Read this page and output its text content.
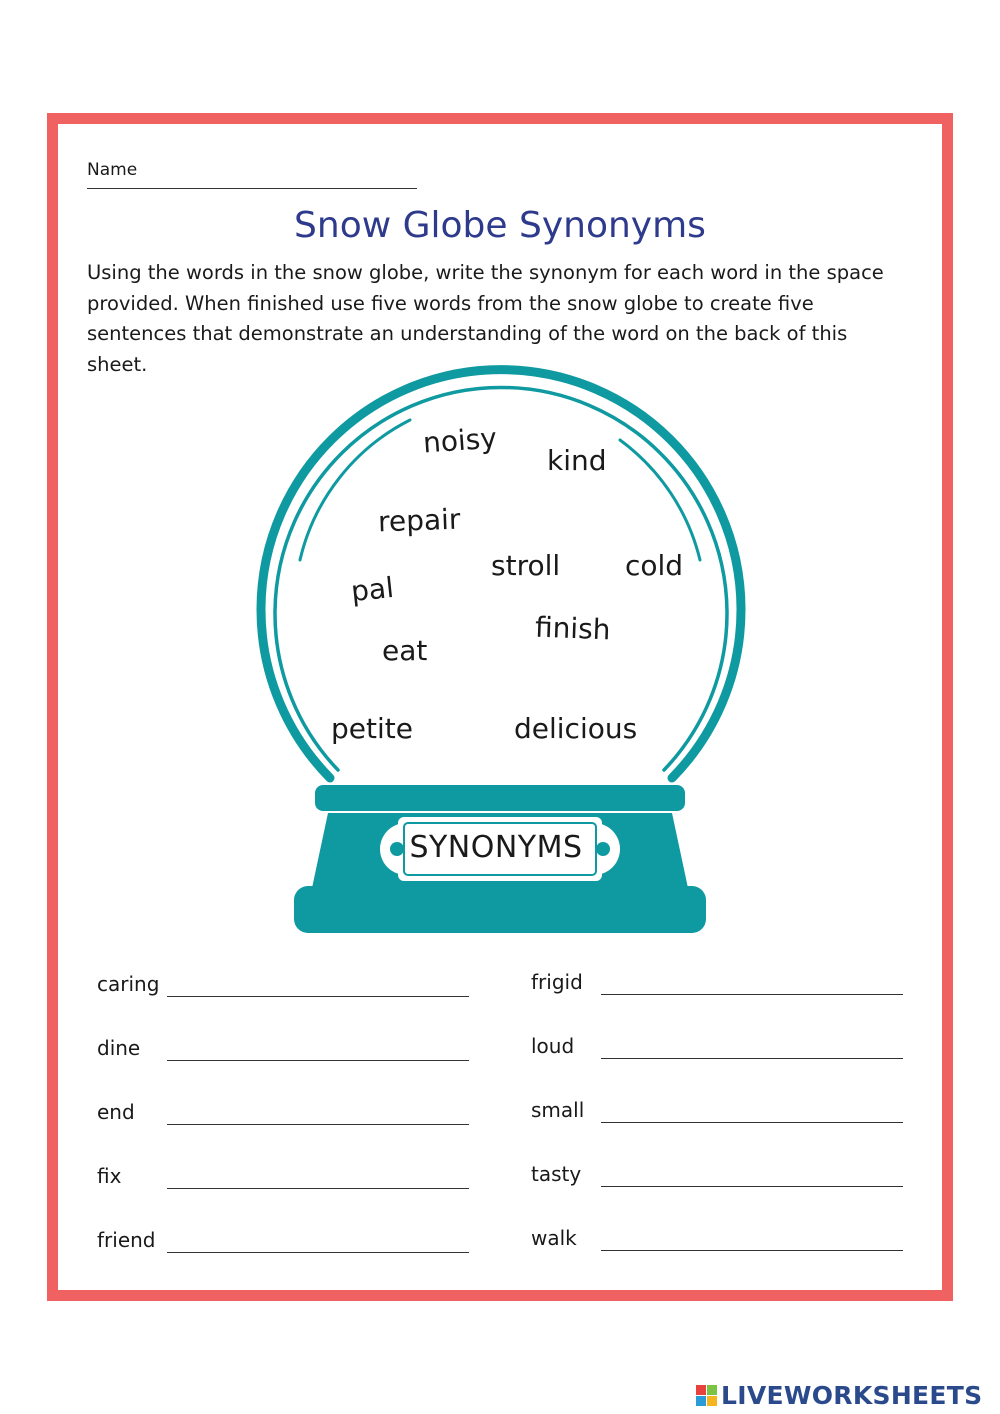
Name
Snow Globe Synonyms
Using the words in the snow globe, write the synonym for each word in the space provided. When finished use five words from the snow globe to create five sentences that demonstrate an understanding of the word on the back of this sheet.
noisy
kind
repair
stroll cold
pal
finish
eat
petite	delicious
SYNONYMS
caring
dine
end
fix
friend
frigid
loud
small
tasty
walk
LIVEWORKSHEETS
